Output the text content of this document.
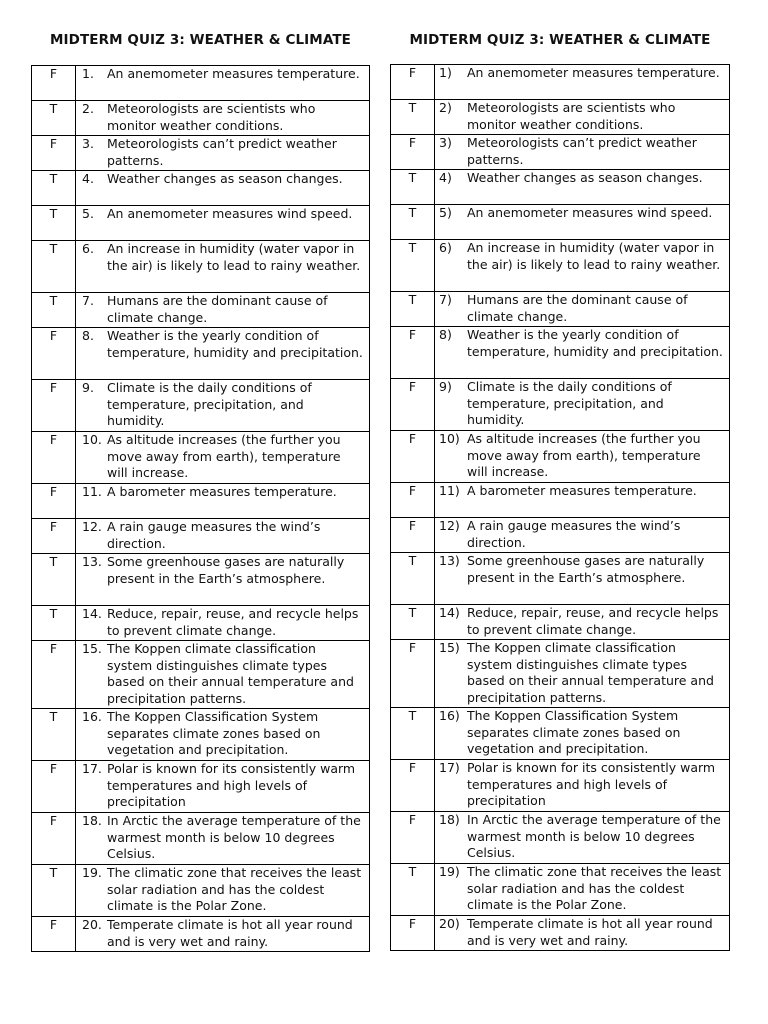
MIDTERM QUIZ 3: WEATHER & CLIMATE
F	1. An anemometer measures temperature.

T	2. Meteorologists are scientists who monitor weather conditions.

F	3. Meteorologists can’t predict weather patterns.

T	4. Weather changes as season changes.

T	5. An anemometer measures wind speed.

T	6. An increase in humidity (water vapor in the air) is likely to lead to rainy weather.

T	7. Humans are the dominant cause of climate change.

F	8. Weather is the yearly condition of temperature, humidity and precipitation.

F	9. Climate is the daily conditions of temperature, precipitation, and humidity.

F	10. As altitude increases (the further you move away from earth), temperature will increase.

F	11. A barometer measures temperature.

F	12. A rain gauge measures the wind’s direction.

T	13. Some greenhouse gases are naturally present in the Earth’s atmosphere.

T	14. Reduce, repair, reuse, and recycle helps to prevent climate change.

F	15. The Koppen climate classification system distinguishes climate types based on their annual temperature and precipitation patterns.

T	16. The Koppen Classification System separates climate zones based on vegetation and precipitation.

F	17. Polar is known for its consistently warm temperatures and high levels of precipitation

F	18. In Arctic the average temperature of the warmest month is below 10 degrees Celsius.

T	19. The climatic zone that receives the least solar radiation and has the coldest climate is the Polar Zone.

F	20. Temperate climate is hot all year round and is very wet and rainy.
MIDTERM QUIZ 3: WEATHER & CLIMATE
F	1) An anemometer measures temperature.

T	2) Meteorologists are scientists who monitor weather conditions.

F	3) Meteorologists can’t predict weather patterns.

T	4) Weather changes as season changes.

T	5) An anemometer measures wind speed.

T	6) An increase in humidity (water vapor in the air) is likely to lead to rainy weather.

T	7) Humans are the dominant cause of climate change.

F	8) Weather is the yearly condition of temperature, humidity and precipitation.

F	9) Climate is the daily conditions of temperature, precipitation, and humidity.

F	10) As altitude increases (the further you move away from earth), temperature will increase.

F	11) A barometer measures temperature.

F	12) A rain gauge measures the wind’s direction.

T	13) Some greenhouse gases are naturally present in the Earth’s atmosphere.

T	14) Reduce, repair, reuse, and recycle helps to prevent climate change.

F	15) The Koppen climate classification system distinguishes climate types based on their annual temperature and precipitation patterns.

T	16) The Koppen Classification System separates climate zones based on vegetation and precipitation.

F	17) Polar is known for its consistently warm temperatures and high levels of precipitation

F	18) In Arctic the average temperature of the warmest month is below 10 degrees Celsius.

T	19) The climatic zone that receives the least solar radiation and has the coldest climate is the Polar Zone.

F	20) Temperate climate is hot all year round and is very wet and rainy.
